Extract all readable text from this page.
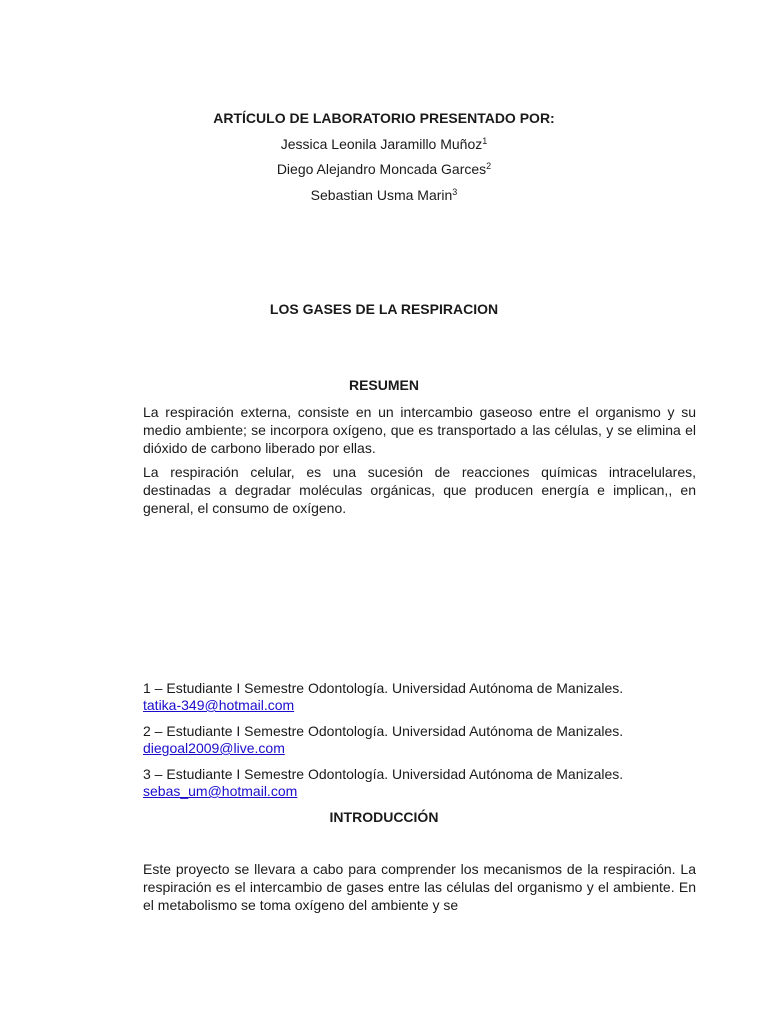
ARTÍCULO DE LABORATORIO PRESENTADO POR:
Jessica Leonila Jaramillo Muñoz$^1$
Diego Alejandro Moncada Garces$^2$
Sebastian Usma Marin$^3$
LOS GASES DE LA RESPIRACION
RESUMEN

La respiración externa, consiste en un intercambio gaseoso entre el organismo y su medio ambiente; se incorpora oxígeno, que es transportado a las células, y se elimina el dióxido de carbono liberado por ellas.

La respiración celular, es una sucesión de reacciones químicas intracelulares, destinadas a degradar moléculas orgánicas, que producen energía e implican,, en general, el consumo de oxígeno.

1 – Estudiante I Semestre Odontología. Universidad Autónoma de Manizales.
tatika-349@hotmail.com
2 – Estudiante I Semestre Odontología. Universidad Autónoma de Manizales.
diegoal2009@live.com
3 – Estudiante I Semestre Odontología. Universidad Autónoma de Manizales.
sebas_um@hotmail.com
INTRODUCCIÓN

Este proyecto se llevara a cabo para comprender los mecanismos de la respiración. La respiración es el intercambio de gases entre las células del organismo y el ambiente. En el metabolismo se toma oxígeno del ambiente y se
